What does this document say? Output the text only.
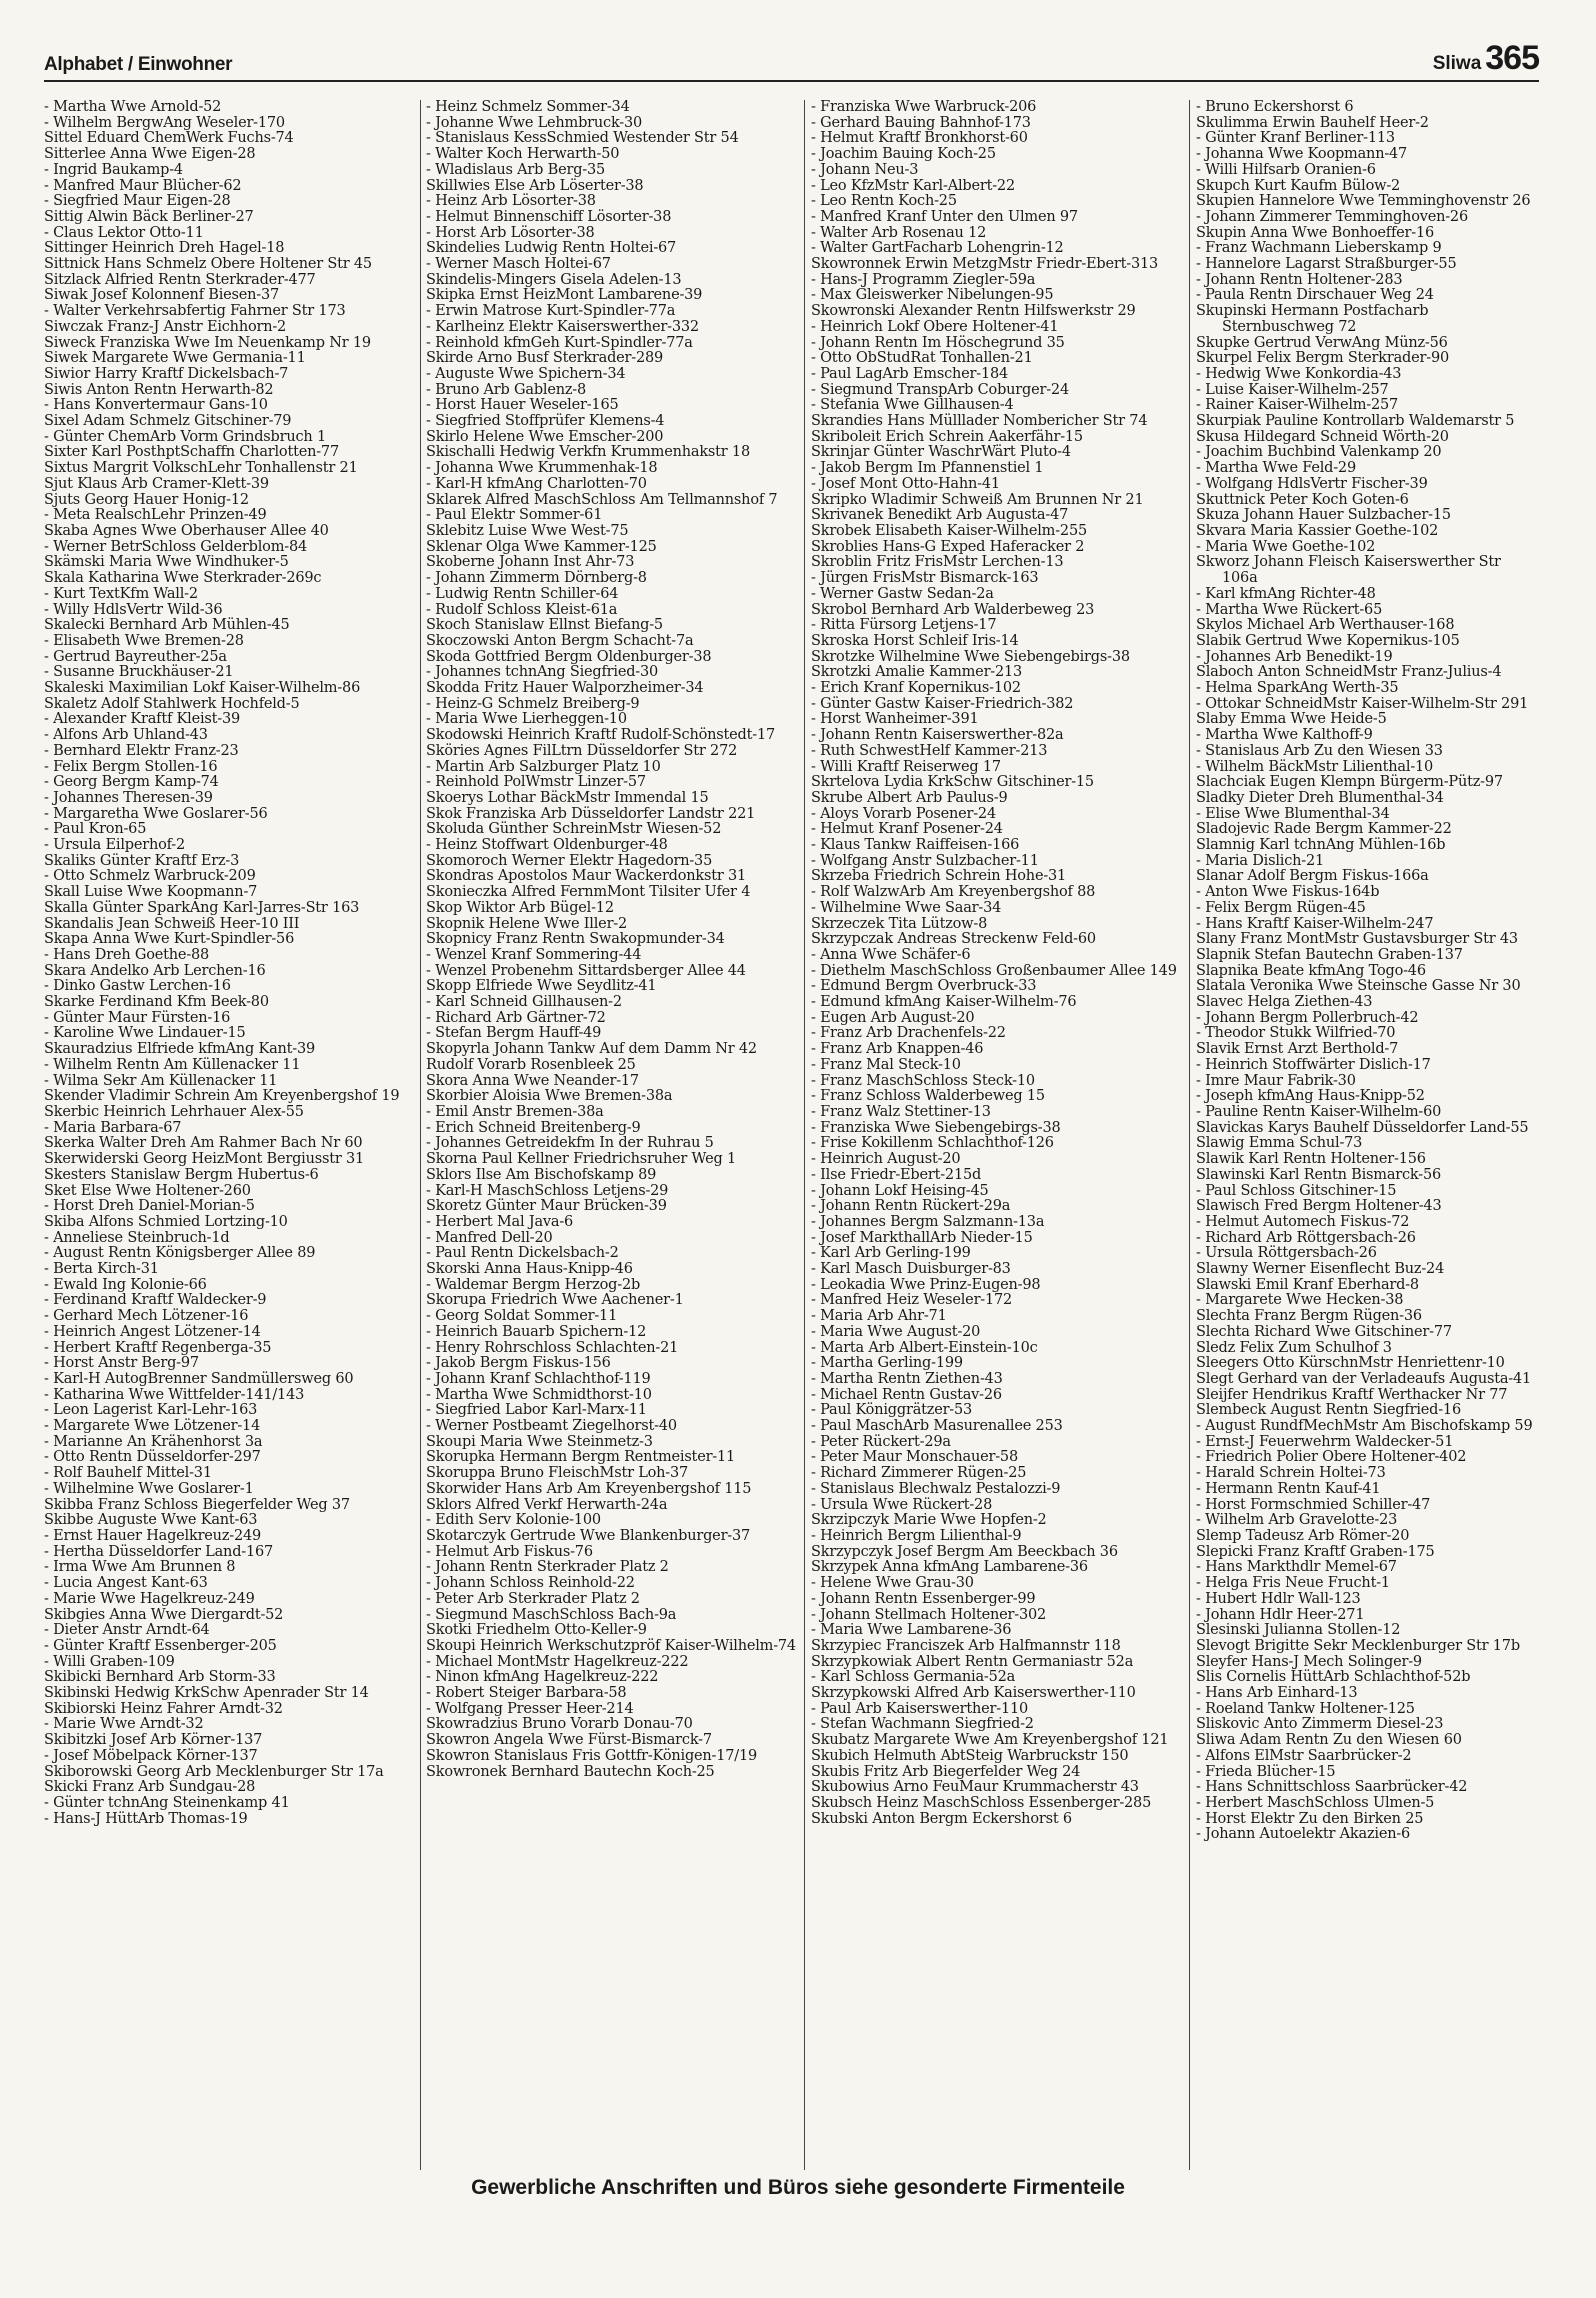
Alphabet / Einwohner	Sliwa 365

- Martha Wwe Arnold-52

- Wilhelm BergwAng Weseler-170

Sittel Eduard ChemWerk Fuchs-74

Sitterlee Anna Wwe Eigen-28

- Ingrid Baukamp-4

- Manfred Maur Blücher-62

- Siegfried Maur Eigen-28

Sittig Alwin Bäck Berliner-27

- Claus Lektor Otto-11

Sittinger Heinrich Dreh Hagel-18

Sittnick Hans Schmelz Obere Holtener Str 45

Sitzlack Alfried Rentn Sterkrader-477

Siwak Josef Kolonnenf Biesen-37

- Walter Verkehrsabfertig Fahrner Str 173

Siwczak Franz-J Anstr Eichhorn-2

Siweck Franziska Wwe Im Neuenkamp Nr 19

Siwek Margarete Wwe Germania-11

Siwior Harry Kraftf Dickelsbach-7

Siwis Anton Rentn Herwarth-82

- Hans Konvertermaur Gans-10

Sixel Adam Schmelz Gitschiner-79

- Günter ChemArb Vorm Grindsbruch 1

Sixter Karl PosthptSchaffn Charlotten-77

Sixtus Margrit VolkschLehr Tonhallenstr 21

Sjut Klaus Arb Cramer-Klett-39

Sjuts Georg Hauer Honig-12

- Meta RealschLehr Prinzen-49

Skaba Agnes Wwe Oberhauser Allee 40

- Werner BetrSchloss Gelderblom-84

Skämski Maria Wwe Windhuker-5

Skala Katharina Wwe Sterkrader-269c

- Kurt TextKfm Wall-2

- Willy HdlsVertr Wild-36

Skalecki Bernhard Arb Mühlen-45

- Elisabeth Wwe Bremen-28

- Gertrud Bayreuther-25a

- Susanne Bruckhäuser-21

Skaleski Maximilian Lokf Kaiser-Wilhelm-86

Skaletz Adolf Stahlwerk Hochfeld-5

- Alexander Kraftf Kleist-39

- Alfons Arb Uhland-43

- Bernhard Elektr Franz-23

- Felix Bergm Stollen-16

- Georg Bergm Kamp-74

- Johannes Theresen-39

- Margaretha Wwe Goslarer-56

- Paul Kron-65

- Ursula Eilperhof-2

Skaliks Günter Kraftf Erz-3

- Otto Schmelz Warbruck-209

Skall Luise Wwe Koopmann-7

Skalla Günter SparkAng Karl-Jarres-Str 163

Skandalis Jean Schweiß Heer-10 III

Skapa Anna Wwe Kurt-Spindler-56

- Hans Dreh Goethe-88

Skara Andelko Arb Lerchen-16

- Dinko Gastw Lerchen-16

Skarke Ferdinand Kfm Beek-80

- Günter Maur Fürsten-16

- Karoline Wwe Lindauer-15

Skauradzius Elfriede kfmAng Kant-39

- Wilhelm Rentn Am Küllenacker 11

- Wilma Sekr Am Küllenacker 11

Skender Vladimir Schrein Am Kreyenbergshof 19

Skerbic Heinrich Lehrhauer Alex-55

- Maria Barbara-67

Skerka Walter Dreh Am Rahmer Bach Nr 60

Skerwiderski Georg HeizMont Bergiusstr 31

Skesters Stanislaw Bergm Hubertus-6

Sket Else Wwe Holtener-260

- Horst Dreh Daniel-Morian-5

Skiba Alfons Schmied Lortzing-10

- Anneliese Steinbruch-1d

- August Rentn Königsberger Allee 89

- Berta Kirch-31

- Ewald Ing Kolonie-66

- Ferdinand Kraftf Waldecker-9

- Gerhard Mech Lötzener-16

- Heinrich Angest Lötzener-14

- Herbert Kraftf Regenberga-35

- Horst Anstr Berg-97

- Karl-H AutogBrenner Sandmüllersweg 60

- Katharina Wwe Wittfelder-141/143

- Leon Lagerist Karl-Lehr-163

- Margarete Wwe Lötzener-14

- Marianne An Krähenhorst 3a

- Otto Rentn Düsseldorfer-297

- Rolf Bauhelf Mittel-31

- Wilhelmine Wwe Goslarer-1

Skibba Franz Schloss Biegerfelder Weg 37

Skibbe Auguste Wwe Kant-63

- Ernst Hauer Hagelkreuz-249

- Hertha Düsseldorfer Land-167

- Irma Wwe Am Brunnen 8

- Lucia Angest Kant-63

- Marie Wwe Hagelkreuz-249

Skibgies Anna Wwe Diergardt-52

- Dieter Anstr Arndt-64

- Günter Kraftf Essenberger-205

- Willi Graben-109

Skibicki Bernhard Arb Storm-33

Skibinski Hedwig KrkSchw Apenrader Str 14

Skibiorski Heinz Fahrer Arndt-32

- Marie Wwe Arndt-32

Skibitzki Josef Arb Körner-137

- Josef Möbelpack Körner-137

Skiborowski Georg Arb Mecklenburger Str 17a

Skicki Franz Arb Sundgau-28

- Günter tchnAng Steinenkamp 41

- Hans-J HüttArb Thomas-19

- Heinz Schmelz Sommer-34

- Johanne Wwe Lehmbruck-30

- Stanislaus KessSchmied Westender Str 54

- Walter Koch Herwarth-50

- Wladislaus Arb Berg-35

Skillwies Else Arb Löserter-38

- Heinz Arb Lösorter-38

- Helmut Binnenschiff Lösorter-38

- Horst Arb Lösorter-38

Skindelies Ludwig Rentn Holtei-67

- Werner Masch Holtei-67

Skindelis-Mingers Gisela Adelen-13

Skipka Ernst HeizMont Lambarene-39

- Erwin Matrose Kurt-Spindler-77a

- Karlheinz Elektr Kaiserswerther-332

- Reinhold kfmGeh Kurt-Spindler-77a

Skirde Arno Busf Sterkrader-289

- Auguste Wwe Spichern-34

- Bruno Arb Gablenz-8

- Horst Hauer Weseler-165

- Siegfried Stoffprüfer Klemens-4

Skirlo Helene Wwe Emscher-200

Skischalli Hedwig Verkfn Krummenhakstr 18

- Johanna Wwe Krummenhak-18

- Karl-H kfmAng Charlotten-70

Sklarek Alfred MaschSchloss Am Tellmannshof 7

- Paul Elektr Sommer-61

Sklebitz Luise Wwe West-75

Sklenar Olga Wwe Kammer-125

Skoberne Johann Inst Ahr-73

- Johann Zimmerm Dörnberg-8

- Ludwig Rentn Schiller-64

- Rudolf Schloss Kleist-61a

Skoch Stanislaw Ellnst Biefang-5

Skoczowski Anton Bergm Schacht-7a

Skoda Gottfried Bergm Oldenburger-38

- Johannes tchnAng Siegfried-30

Skodda Fritz Hauer Walporzheimer-34

- Heinz-G Schmelz Breiberg-9

- Maria Wwe Lierheggen-10

Skodowski Heinrich Kraftf Rudolf-Schönstedt-17

Sköries Agnes FilLtrn Düsseldorfer Str 272

- Martin Arb Salzburger Platz 10

- Reinhold PolWmstr Linzer-57

Skoerys Lothar BäckMstr Immendal 15

Skok Franziska Arb Düsseldorfer Landstr 221

Skoluda Günther SchreinMstr Wiesen-52

- Heinz Stoffwart Oldenburger-48

Skomoroch Werner Elektr Hagedorn-35

Skondras Apostolos Maur Wackerdonkstr 31

Skonieczka Alfred FernmMont Tilsiter Ufer 4

Skop Wiktor Arb Bügel-12

Skopnik Helene Wwe Iller-2

Skopnicy Franz Rentn Swakopmunder-34

- Wenzel Kranf Sommering-44

- Wenzel Probenehm Sittardsberger Allee 44

Skopp Elfriede Wwe Seydlitz-41

- Karl Schneid Gillhausen-2

- Richard Arb Gärtner-72

- Stefan Bergm Hauff-49

Skopyrla Johann Tankw Auf dem Damm Nr 42

Rudolf Vorarb Rosenbleek 25

Skora Anna Wwe Neander-17

Skorbier Aloisia Wwe Bremen-38a

- Emil Anstr Bremen-38a

- Erich Schneid Breitenberg-9

- Johannes Getreidekfm In der Ruhrau 5

Skorna Paul Kellner Friedrichsruher Weg 1

Sklors Ilse Am Bischofskamp 89

- Karl-H MaschSchloss Letjens-29

Skoretz Günter Maur Brücken-39

- Herbert Mal Java-6

- Manfred Dell-20

- Paul Rentn Dickelsbach-2

Skorski Anna Haus-Knipp-46

- Waldemar Bergm Herzog-2b

Skorupa Friedrich Wwe Aachener-1

- Georg Soldat Sommer-11

- Heinrich Bauarb Spichern-12

- Henry Rohrschloss Schlachten-21

- Jakob Bergm Fiskus-156

- Johann Kranf Schlachthof-119

- Martha Wwe Schmidthorst-10

- Siegfried Labor Karl-Marx-11

- Werner Postbeamt Ziegelhorst-40

Skoupi Maria Wwe Steinmetz-3

Skorupka Hermann Bergm Rentmeister-11

Skoruppa Bruno FleischMstr Loh-37

Skorwider Hans Arb Am Kreyenbergshof 115

Sklors Alfred Verkf Herwarth-24a

- Edith Serv Kolonie-100

Skotarczyk Gertrude Wwe Blankenburger-37

- Helmut Arb Fiskus-76

- Johann Rentn Sterkrader Platz 2

- Johann Schloss Reinhold-22

- Peter Arb Sterkrader Platz 2

- Siegmund MaschSchloss Bach-9a

Skotki Friedhelm Otto-Keller-9

Skoupi Heinrich Werkschutzpröf Kaiser-Wilhelm-74

- Michael MontMstr Hagelkreuz-222

- Ninon kfmAng Hagelkreuz-222

- Robert Steiger Barbara-58

- Wolfgang Presser Heer-214

Skowradzius Bruno Vorarb Donau-70

Skowron Angela Wwe Fürst-Bismarck-7

Skowron Stanislaus Fris Gottfr-Königen-17/19

Skowronek Bernhard Bautechn Koch-25

- Franziska Wwe Warbruck-206

- Gerhard Bauing Bahnhof-173

- Helmut Kraftf Bronkhorst-60

- Joachim Bauing Koch-25

- Johann Neu-3

- Leo KfzMstr Karl-Albert-22

- Leo Rentn Koch-25

- Manfred Kranf Unter den Ulmen 97

- Walter Arb Rosenau 12

- Walter GartFacharb Lohengrin-12

Skowronnek Erwin MetzgMstr Friedr-Ebert-313

- Hans-J Programm Ziegler-59a

- Max Gleiswerker Nibelungen-95

Skowronski Alexander Rentn Hilfswerkstr 29

- Heinrich Lokf Obere Holtener-41

- Johann Rentn Im Höschegrund 35

- Otto ObStudRat Tonhallen-21

- Paul LagArb Emscher-184

- Siegmund TranspArb Coburger-24

- Stefania Wwe Gillhausen-4

Skrandies Hans Mülllader Nombericher Str 74

Skriboleit Erich Schrein Aakerfähr-15

Skrinjar Günter WaschrWärt Pluto-4

- Jakob Bergm Im Pfannenstiel 1

- Josef Mont Otto-Hahn-41

Skripko Wladimir Schweiß Am Brunnen Nr 21

Skrivanek Benedikt Arb Augusta-47

Skrobek Elisabeth Kaiser-Wilhelm-255

Skroblies Hans-G Exped Haferacker 2

Skroblin Fritz FrisMstr Lerchen-13

- Jürgen FrisMstr Bismarck-163

- Werner Gastw Sedan-2a

Skrobol Bernhard Arb Walderbeweg 23

- Ritta Fürsorg Letjens-17

Skroska Horst Schleif Iris-14

Skrotzke Wilhelmine Wwe Siebengebirgs-38

Skrotzki Amalie Kammer-213

- Erich Kranf Kopernikus-102

- Günter Gastw Kaiser-Friedrich-382

- Horst Wanheimer-391

- Johann Rentn Kaiserswerther-82a

- Ruth SchwestHelf Kammer-213

- Willi Kraftf Reiserweg 17

Skrtelova Lydia KrkSchw Gitschiner-15

Skrube Albert Arb Paulus-9

- Aloys Vorarb Posener-24

- Helmut Kranf Posener-24

- Klaus Tankw Raiffeisen-166

- Wolfgang Anstr Sulzbacher-11

Skrzeba Friedrich Schrein Hohe-31

- Rolf WalzwArb Am Kreyenbergshof 88

- Wilhelmine Wwe Saar-34

Skrzeczek Tita Lützow-8

Skrzypczak Andreas Streckenw Feld-60

- Anna Wwe Schäfer-6

- Diethelm MaschSchloss Großenbaumer Allee 149

- Edmund Bergm Overbruck-33

- Edmund kfmAng Kaiser-Wilhelm-76

- Eugen Arb August-20

- Franz Arb Drachenfels-22

- Franz Arb Knappen-46

- Franz Mal Steck-10

- Franz MaschSchloss Steck-10

- Franz Schloss Walderbeweg 15

- Franz Walz Stettiner-13

- Franziska Wwe Siebengebirgs-38

- Frise Kokillenm Schlachthof-126

- Heinrich August-20

- Ilse Friedr-Ebert-215d

- Johann Lokf Heising-45

- Johann Rentn Rückert-29a

- Johannes Bergm Salzmann-13a

- Josef MarkthallArb Nieder-15

- Karl Arb Gerling-199

- Karl Masch Duisburger-83

- Leokadia Wwe Prinz-Eugen-98

- Manfred Heiz Weseler-172

- Maria Arb Ahr-71

- Maria Wwe August-20

- Marta Arb Albert-Einstein-10c

- Martha Gerling-199

- Martha Rentn Ziethen-43

- Michael Rentn Gustav-26

- Paul Königgrätzer-53

- Paul MaschArb Masurenallee 253

- Peter Rückert-29a

- Peter Maur Monschauer-58

- Richard Zimmerer Rügen-25

- Stanislaus Blechwalz Pestalozzi-9

- Ursula Wwe Rückert-28

Skrzipczyk Marie Wwe Hopfen-2

- Heinrich Bergm Lilienthal-9

Skrzypczyk Josef Bergm Am Beeckbach 36

Skrzypek Anna kfmAng Lambarene-36

- Helene Wwe Grau-30

- Johann Rentn Essenberger-99

- Johann Stellmach Holtener-302

- Maria Wwe Lambarene-36

Skrzypiec Franciszek Arb Halfmannstr 118

Skrzypkowiak Albert Rentn Germaniastr 52a

- Karl Schloss Germania-52a

Skrzypkowski Alfred Arb Kaiserswerther-110

- Paul Arb Kaiserswerther-110

- Stefan Wachmann Siegfried-2

Skubatz Margarete Wwe Am Kreyenbergshof 121

Skubich Helmuth AbtSteig Warbruckstr 150

Skubis Fritz Arb Biegerfelder Weg 24

Skubowius Arno FeuMaur Krummacherstr 43

Skubsch Heinz MaschSchloss Essenberger-285

Skubski Anton Bergm Eckershorst 6

- Bruno Eckershorst 6

Skulimma Erwin Bauhelf Heer-2

- Günter Kranf Berliner-113

- Johanna Wwe Koopmann-47

- Willi Hilfsarb Oranien-6

Skupch Kurt Kaufm Bülow-2

Skupien Hannelore Wwe Temminghovenstr 26

- Johann Zimmerer Temminghoven-26

Skupin Anna Wwe Bonhoeffer-16

- Franz Wachmann Lieberskamp 9

- Hannelore Lagarst Straßburger-55

- Johann Rentn Holtener-283

- Paula Rentn Dirschauer Weg 24

Skupinski Hermann Postfacharb Sternbuschweg 72

Skupke Gertrud VerwAng Münz-56

Skurpel Felix Bergm Sterkrader-90

- Hedwig Wwe Konkordia-43

- Luise Kaiser-Wilhelm-257

- Rainer Kaiser-Wilhelm-257

Skurpiak Pauline Kontrollarb Waldemarstr 5

Skusa Hildegard Schneid Wörth-20

- Joachim Buchbind Valenkamp 20

- Martha Wwe Feld-29

- Wolfgang HdlsVertr Fischer-39

Skuttnick Peter Koch Goten-6

Skuza Johann Hauer Sulzbacher-15

Skvara Maria Kassier Goethe-102

- Maria Wwe Goethe-102

Skworz Johann Fleisch Kaiserswerther Str 106a

- Karl kfmAng Richter-48

- Martha Wwe Rückert-65

Skylos Michael Arb Werthauser-168

Slabik Gertrud Wwe Kopernikus-105

- Johannes Arb Benedikt-19

Slaboch Anton SchneidMstr Franz-Julius-4

- Helma SparkAng Werth-35

- Ottokar SchneidMstr Kaiser-Wilhelm-Str 291

Slaby Emma Wwe Heide-5

- Martha Wwe Kalthoff-9

- Stanislaus Arb Zu den Wiesen 33

- Wilhelm BäckMstr Lilienthal-10

Slachciak Eugen Klempn Bürgerm-Pütz-97

Sladky Dieter Dreh Blumenthal-34

- Elise Wwe Blumenthal-34

Sladojevic Rade Bergm Kammer-22

Slamnig Karl tchnAng Mühlen-16b

- Maria Dislich-21

Slanar Adolf Bergm Fiskus-166a

- Anton Wwe Fiskus-164b

- Felix Bergm Rügen-45

- Hans Kraftf Kaiser-Wilhelm-247

Slany Franz MontMstr Gustavsburger Str 43

Slapnik Stefan Bautechn Graben-137

Slapnika Beate kfmAng Togo-46

Slatala Veronika Wwe Steinsche Gasse Nr 30

Slavec Helga Ziethen-43

- Johann Bergm Pollerbruch-42

- Theodor Stukk Wilfried-70

Slavik Ernst Arzt Berthold-7

- Heinrich Stoffwärter Dislich-17

- Imre Maur Fabrik-30

- Joseph kfmAng Haus-Knipp-52

- Pauline Rentn Kaiser-Wilhelm-60

Slavickas Karys Bauhelf Düsseldorfer Land-55

Slawig Emma Schul-73

Slawik Karl Rentn Holtener-156

Slawinski Karl Rentn Bismarck-56

- Paul Schloss Gitschiner-15

Slawisch Fred Bergm Holtener-43

- Helmut Automech Fiskus-72

- Richard Arb Röttgersbach-26

- Ursula Röttgersbach-26

Slawny Werner Eisenflecht Buz-24

Slawski Emil Kranf Eberhard-8

- Margarete Wwe Hecken-38

Slechta Franz Bergm Rügen-36

Slechta Richard Wwe Gitschiner-77

Sledz Felix Zum Schulhof 3

Sleegers Otto KürschnMstr Henriettenr-10

Slegt Gerhard van der Verladeaufs Augusta-41

Sleijfer Hendrikus Kraftf Werthacker Nr 77

Slembeck August Rentn Siegfried-16

- August RundfMechMstr Am Bischofskamp 59

- Ernst-J Feuerwehrm Waldecker-51

- Friedrich Polier Obere Holtener-402

- Harald Schrein Holtei-73

- Hermann Rentn Kauf-41

- Horst Formschmied Schiller-47

- Wilhelm Arb Gravelotte-23

Slemp Tadeusz Arb Römer-20

Slepicki Franz Kraftf Graben-175

- Hans Markthdlr Memel-67

- Helga Fris Neue Frucht-1

- Hubert Hdlr Wall-123

- Johann Hdlr Heer-271

Slesinski Julianna Stollen-12

Slevogt Brigitte Sekr Mecklenburger Str 17b

Sleyfer Hans-J Mech Solinger-9

Slis Cornelis HüttArb Schlachthof-52b

- Hans Arb Einhard-13

- Roeland Tankw Holtener-125

Sliskovic Anto Zimmerm Diesel-23

Sliwa Adam Rentn Zu den Wiesen 60

- Alfons ElMstr Saarbrücker-2

- Frieda Blücher-15

- Hans Schnittschloss Saarbrücker-42

- Herbert MaschSchloss Ulmen-5

- Horst Elektr Zu den Birken 25

- Johann Autoelektr Akazien-6

Gewerbliche Anschriften und Büros siehe gesonderte Firmenteile
